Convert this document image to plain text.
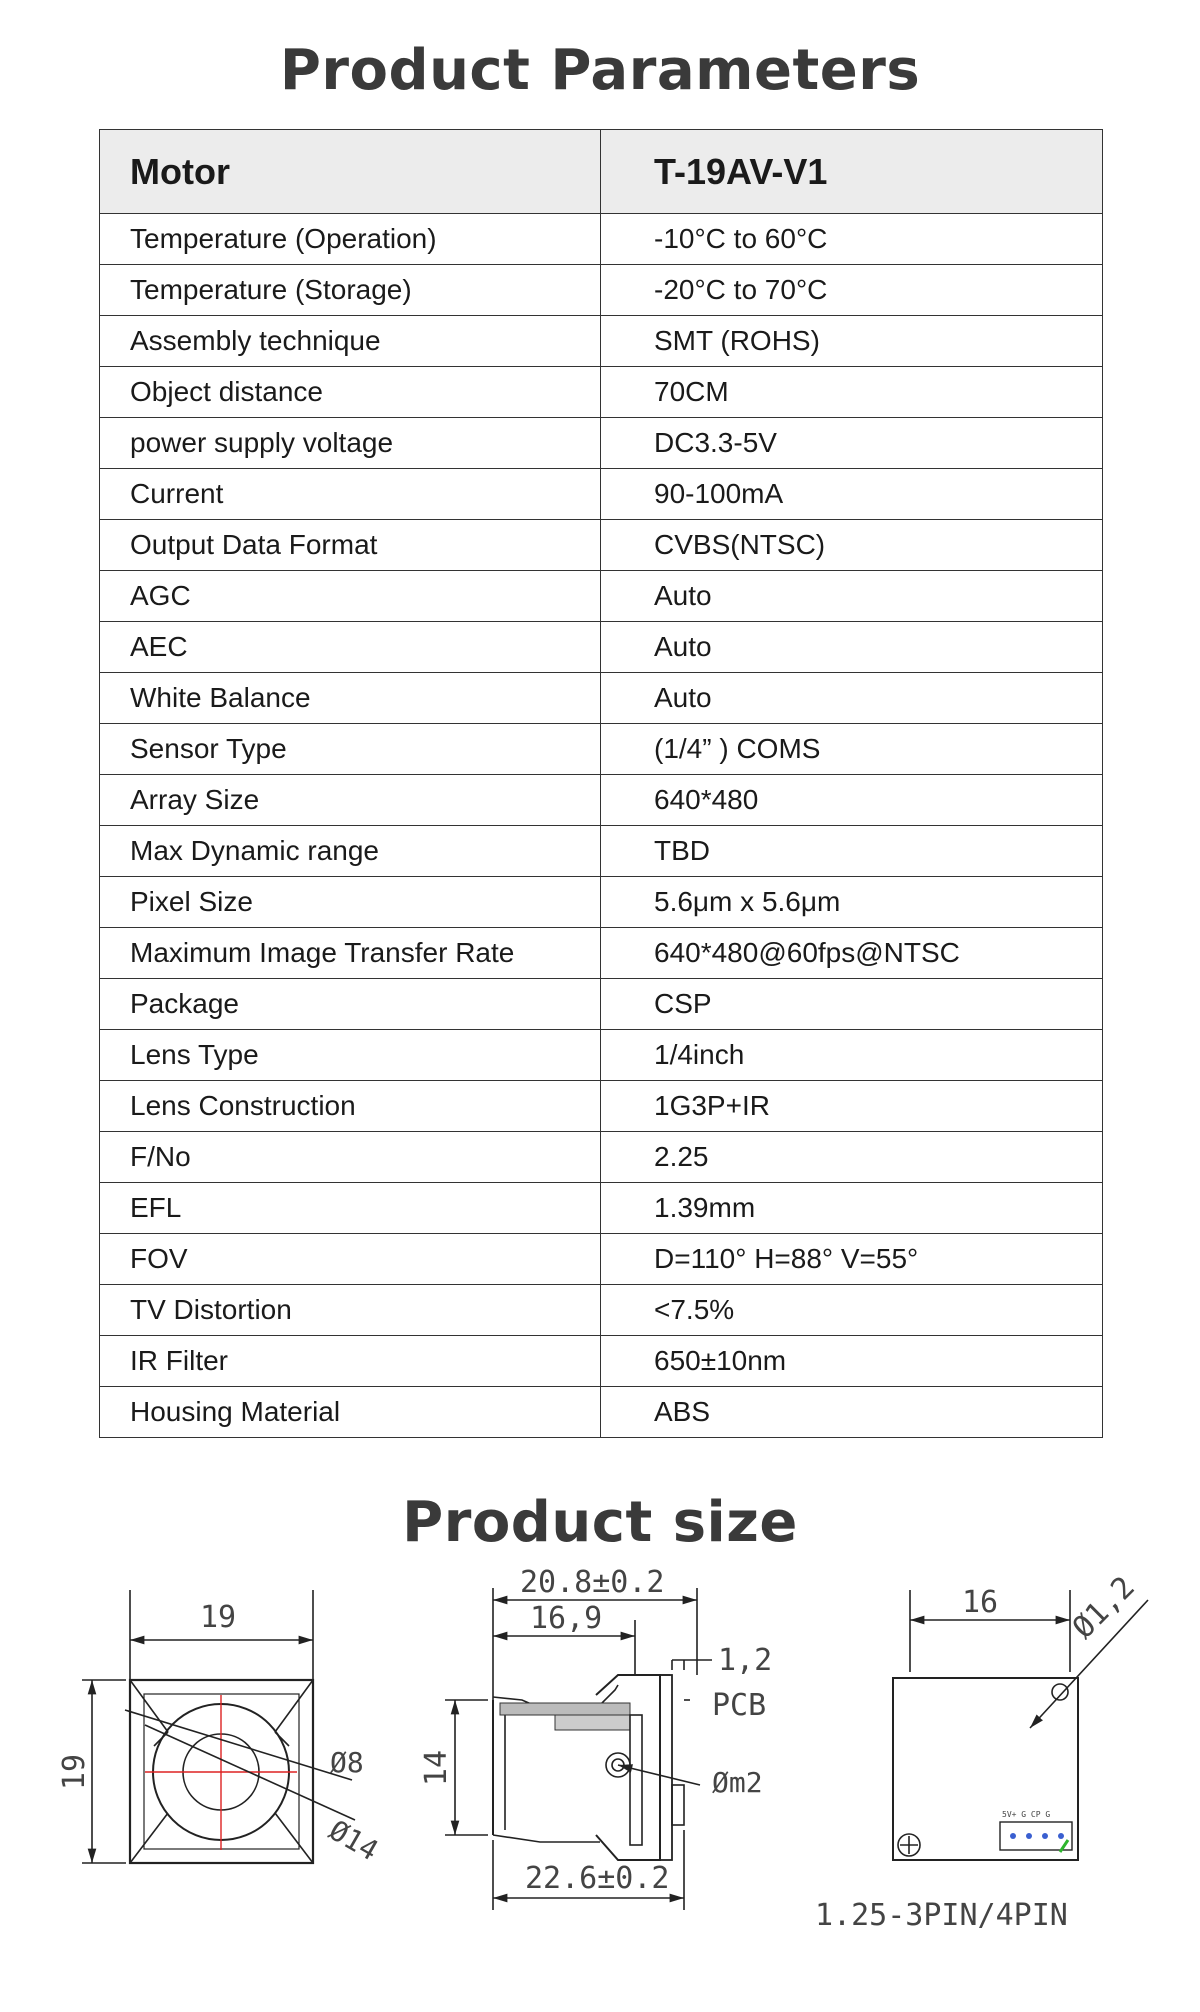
Product Parameters
Motor	T-19AV-V1
Temperature (Operation)	-10°C to 60°C
Temperature (Storage)	-20°C to 70°C
Assembly technique	SMT (ROHS)
Object distance	70CM
power supply voltage	DC3.3-5V
Current	90-100mA
Output Data Format	CVBS(NTSC)
AGC	Auto
AEC	Auto
White Balance	Auto
Sensor Type	(1/4” ) COMS
Array Size	640*480
Max Dynamic range	TBD
Pixel Size	5.6μm x 5.6μm
Maximum Image Transfer Rate	640*480@60fps@NTSC
Package	CSP
Lens Type	1/4inch
Lens Construction	1G3P+IR
F/No	2.25
EFL	1.39mm
FOV	D=110° H=88° V=55°
TV Distortion	<7.5%
IR Filter	650±10nm
Housing Material	ABS
Product size
19
19	Ø8
Ø14
20.8±0.2
16,9
1,2
PCB
14	Øm2
22.6±0.2
16 Ø1,2
5V+ G CP G
1.25-3PIN/4PIN
